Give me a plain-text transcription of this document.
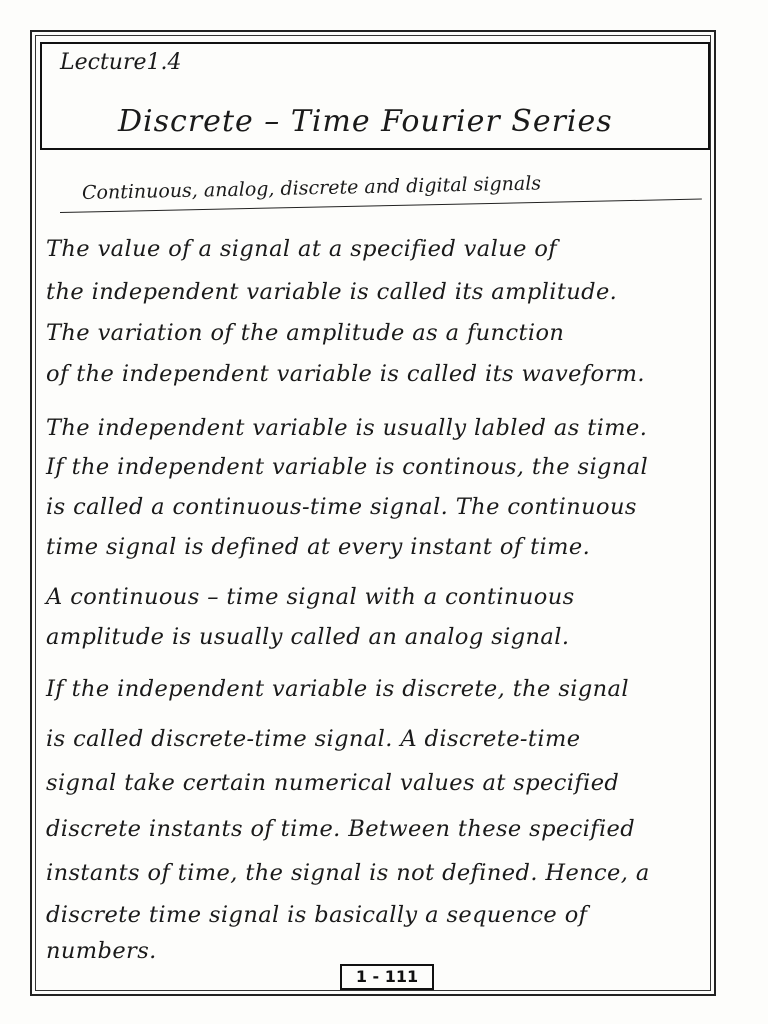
Lecture1.4
Discrete – Time Fourier Series
Continuous, analog, discrete and digital signals
The value of a signal at a specified value of
the independent variable is called its amplitude.
The variation of the amplitude as a function
of the independent variable is called its waveform.
The independent variable is usually labled as time.
If the independent variable is continous, the signal
is called a continuous-time signal. The continuous
time signal is defined at every instant of time.
A continuous – time signal with a continuous
amplitude is usually called an analog signal.
If the independent variable is discrete, the signal
is called discrete-time signal. A discrete-time
signal take certain numerical values at specified
discrete instants of time. Between these specified
instants of time, the signal is not defined. Hence, a
discrete time signal is basically a sequence of
numbers.
1 - 111
